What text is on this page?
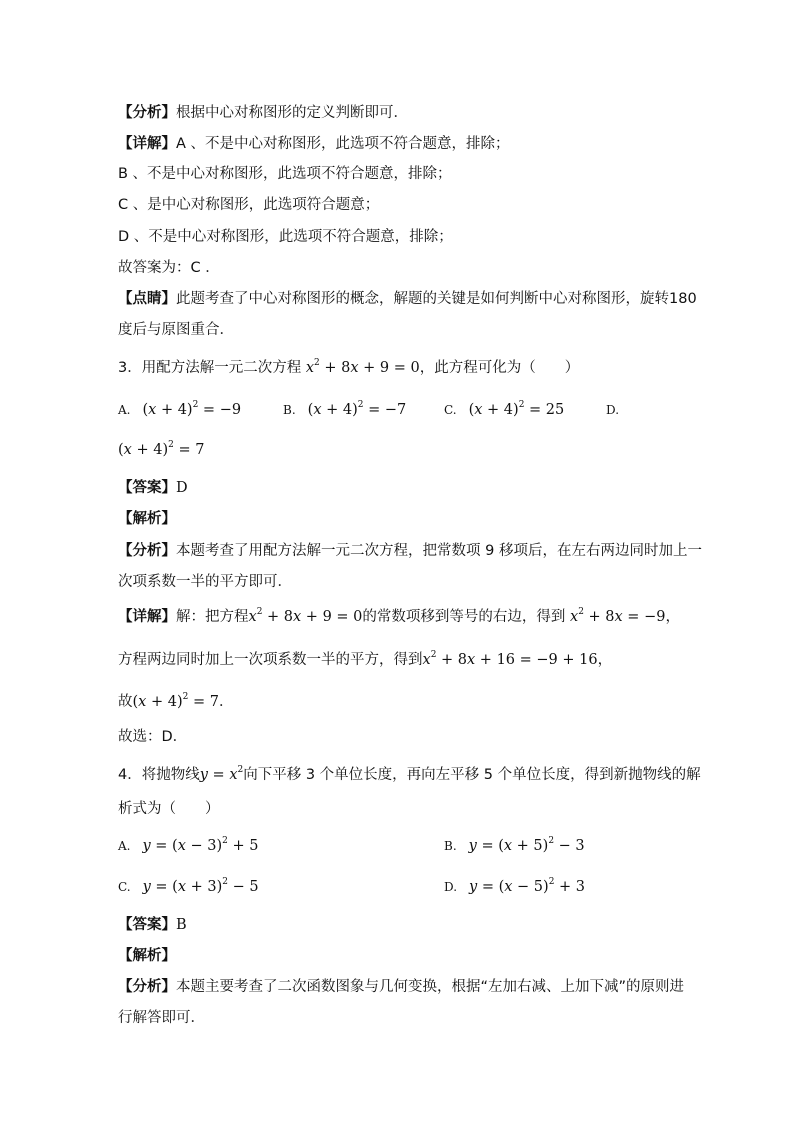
【分析】根据中心对称图形的定义判断即可．
【详解】A 、不是中心对称图形，此选项不符合题意，排除；
B 、不是中心对称图形，此选项不符合题意，排除；
C 、是中心对称图形，此选项符合题意；
D 、不是中心对称图形，此选项不符合题意，排除；
故答案为：C ．
【点睛】此题考查了中心对称图形的概念，解题的关键是如何判断中心对称图形，旋转180
度后与原图重合．
3．用配方法解一元二次方程 $x^2 + 8x + 9 = 0$，此方程可化为（　　）
A. $(x + 4)^2 = -9$	B. $(x + 4)^2 = -7$	C. $(x + 4)^2 = 25$	D.
$(x + 4)^2 = 7$
【答案】D
【解析】
【分析】本题考查了用配方法解一元二次方程，把常数项 9 移项后，在左右两边同时加上一
次项系数一半的平方即可．
【详解】解：把方程$x^2 + 8x + 9 = 0$的常数项移到等号的右边，得到 $x^2 + 8x = -9$，
方程两边同时加上一次项系数一半的平方，得到$x^2 + 8x + 16 = -9 + 16$，
故$(x + 4)^2 = 7$．
故选：D．
4．将抛物线$y = x^2$向下平移 3 个单位长度，再向左平移 5 个单位长度，得到新抛物线的解
析式为（　　）
A. $y = (x - 3)^2 + 5$	B. $y = (x + 5)^2 - 3$
C. $y = (x + 3)^2 - 5$	D. $y = (x - 5)^2 + 3$
【答案】B
【解析】
【分析】本题主要考查了二次函数图象与几何变换，根据“左加右减、上加下减”的原则进
行解答即可．
